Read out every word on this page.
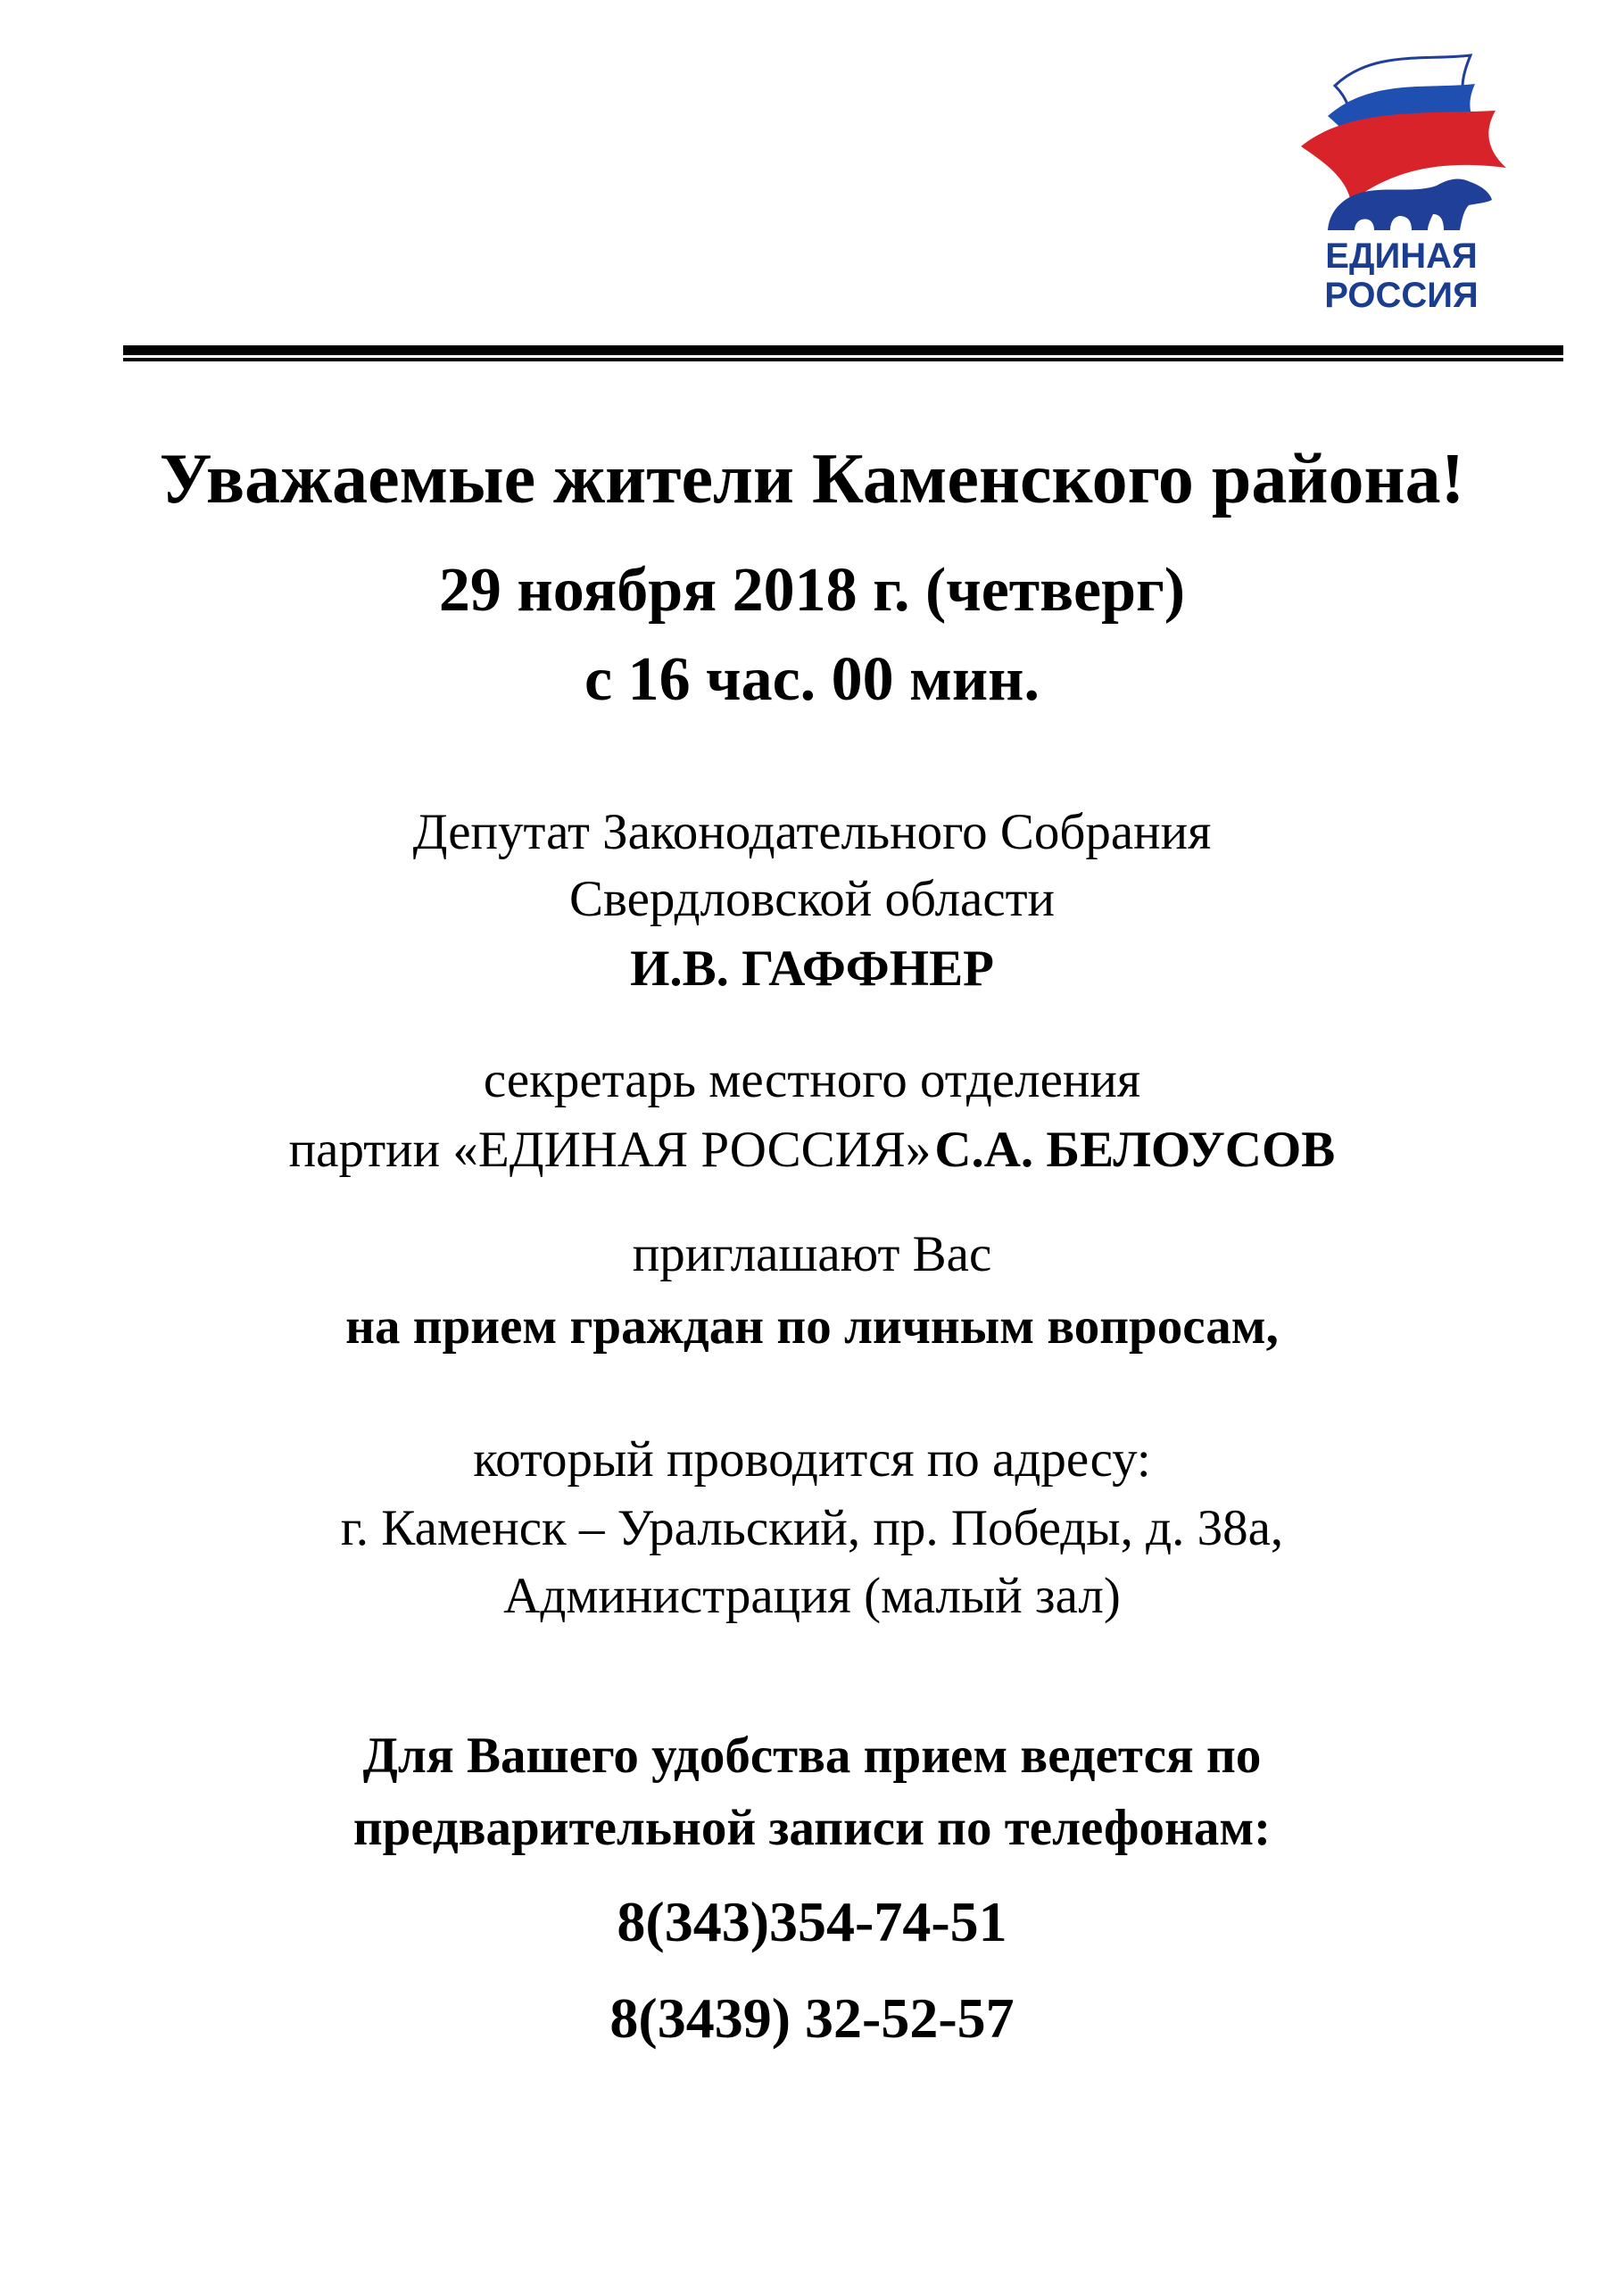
ЕДИНАЯ
РОССИЯ
Уважаемые жители Каменского района!
29 ноября 2018 г. (четверг)
с 16 час. 00 мин.
Депутат Законодательного Собрания
Свердловской области
И.В. ГАФФНЕР
секретарь местного отделения
партии «ЕДИНАЯ РОССИЯ» С.А. БЕЛОУСОВ
приглашают Вас
на прием граждан по личным вопросам,
который проводится по адресу:
г. Каменск – Уральский, пр. Победы, д. 38а,
Администрация (малый зал)
Для Вашего удобства прием ведется по
предварительной записи по телефонам:
8(343)354-74-51
8(3439) 32-52-57
